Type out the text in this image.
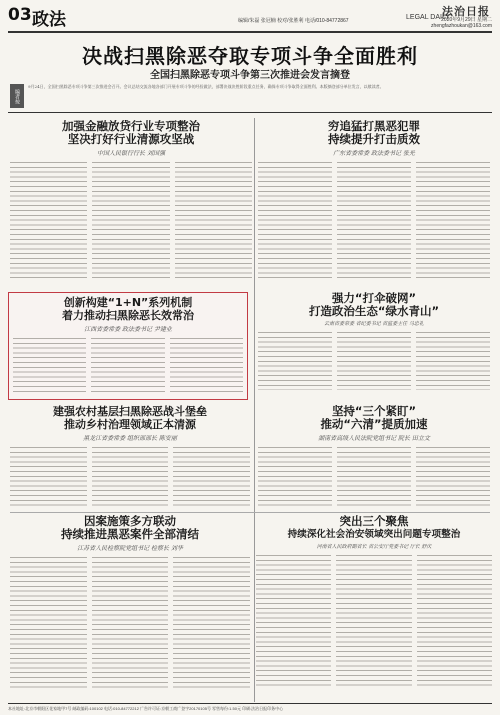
03 政法	编辑/朱磊 张冠楠 校对/张胜利 电话/010-84772867
法治日报
LEGAL DAILY
2020年9月29日 星期二
zhengfazhoukan@163.com
决战扫黑除恶夺取专项斗争全面胜利
全国扫黑除恶专项斗争第三次推进会发言摘登
编者按
9月24日，全国扫黑除恶专项斗争第三次推进会召开。会议总结交流各地各部门开展专项斗争的经验做法，部署决战决胜阶段重点任务，确保专项斗争取得全面胜利。本版摘登部分单位发言，以飨读者。
加强金融放贷行业专项整治
坚决打好行业清源攻坚战
中国人民银行行长 刘国强
穷追猛打黑恶犯罪
持续提升打击质效
广东省委常委 政法委书记 张光
创新构建“1+N”系列机制
着力推动扫黑除恶长效常治
江西省委常委 政法委书记 尹建业
强力“打伞破网”
打造政治生态“绿水青山”
云南省委常委 省纪委书记 省监委主任 马忠礼
建强农村基层扫黑除恶战斗堡垒
推动乡村治理领域正本清源
黑龙江省委常委 组织部部长 陈安丽
坚持“三个紧盯”
推动“六清”提质加速
湖南省高级人民法院党组书记 院长 田立文
因案施策多方联动
持续推进黑恶案件全部清结
江苏省人民检察院党组书记 检察长 刘华
突出三个聚焦
持续深化社会治安领域突出问题专项整治
河南省人民政府副省长 省公安厅党委书记 厅长 舒庆
本社地址:北京市朝阳区花家地甲7号 邮政编码:100102 电话:010-84772212 广告许可证:京朝工商广登字20170105号 零售每份:1.50元 印刷:法治日报印务中心
